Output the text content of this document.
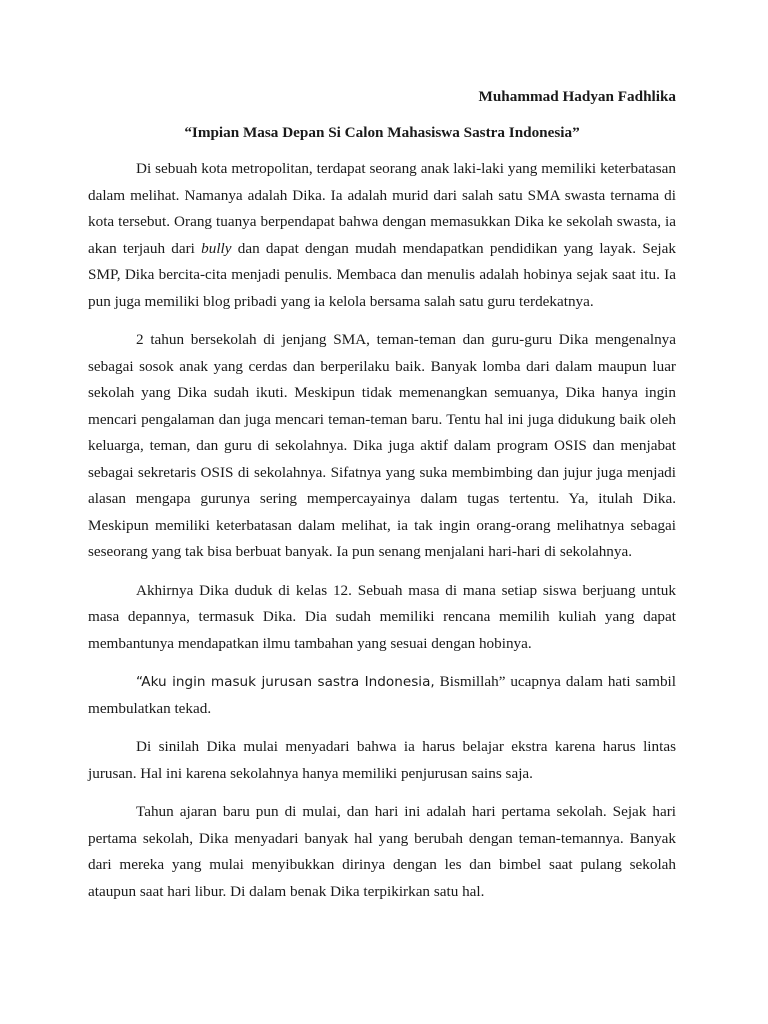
Muhammad Hadyan Fadhlika

“Impian Masa Depan Si Calon Mahasiswa Sastra Indonesia”

Di sebuah kota metropolitan, terdapat seorang anak laki-laki yang memiliki keterbatasan dalam melihat. Namanya adalah Dika. Ia adalah murid dari salah satu SMA swasta ternama di kota tersebut. Orang tuanya berpendapat bahwa dengan memasukkan Dika ke sekolah swasta, ia akan terjauh dari bully dan dapat dengan mudah mendapatkan pendidikan yang layak. Sejak SMP, Dika bercita-cita menjadi penulis. Membaca dan menulis adalah hobinya sejak saat itu. Ia pun juga memiliki blog pribadi yang ia kelola bersama salah satu guru terdekatnya.

2 tahun bersekolah di jenjang SMA, teman-teman dan guru-guru Dika mengenalnya sebagai sosok anak yang cerdas dan berperilaku baik. Banyak lomba dari dalam maupun luar sekolah yang Dika sudah ikuti. Meskipun tidak memenangkan semuanya, Dika hanya ingin mencari pengalaman dan juga mencari teman-teman baru. Tentu hal ini juga didukung baik oleh keluarga, teman, dan guru di sekolahnya. Dika juga aktif dalam program OSIS dan menjabat sebagai sekretaris OSIS di sekolahnya. Sifatnya yang suka membimbing dan jujur juga menjadi alasan mengapa gurunya sering mempercayainya dalam tugas tertentu. Ya, itulah Dika. Meskipun memiliki keterbatasan dalam melihat, ia tak ingin orang-orang melihatnya sebagai seseorang yang tak bisa berbuat banyak. Ia pun senang menjalani hari-hari di sekolahnya.

Akhirnya Dika duduk di kelas 12. Sebuah masa di mana setiap siswa berjuang untuk masa depannya, termasuk Dika. Dia sudah memiliki rencana memilih kuliah yang dapat membantunya mendapatkan ilmu tambahan yang sesuai dengan hobinya.

“Aku ingin masuk jurusan sastra Indonesia, Bismillah” ucapnya dalam hati sambil membulatkan tekad.

Di sinilah Dika mulai menyadari bahwa ia harus belajar ekstra karena harus lintas jurusan. Hal ini karena sekolahnya hanya memiliki penjurusan sains saja.

Tahun ajaran baru pun di mulai, dan hari ini adalah hari pertama sekolah. Sejak hari pertama sekolah, Dika menyadari banyak hal yang berubah dengan teman-temannya. Banyak dari mereka yang mulai menyibukkan dirinya dengan les dan bimbel saat pulang sekolah ataupun saat hari libur. Di dalam benak Dika terpikirkan satu hal.
